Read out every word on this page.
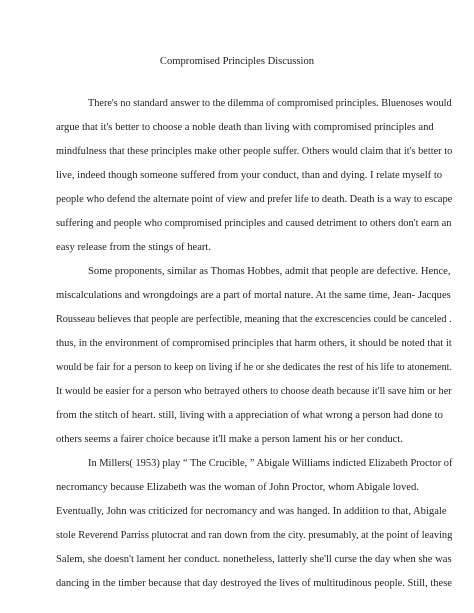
Compromised Principles Discussion
There's no standard answer to the dilemma of compromised principles. Bluenoses would
argue that it's better to choose a noble death than living with compromised principles and
mindfulness that these principles make other people suffer. Others would claim that it's better to
live, indeed though someone suffered from your conduct, than and dying. I relate myself to
people who defend the alternate point of view and prefer life to death. Death is a way to escape
suffering and people who compromised principles and caused detriment to others don't earn an
easy release from the stings of heart.
Some proponents, similar as Thomas Hobbes, admit that people are defective. Hence,
miscalculations and wrongdoings are a part of mortal nature. At the same time, Jean- Jacques
Rousseau believes that people are perfectible, meaning that the excrescencies could be canceled .
thus, in the environment of compromised principles that harm others, it should be noted that it
would be fair for a person to keep on living if he or she dedicates the rest of his life to atonement.
It would be easier for a person who betrayed others to choose death because it'll save him or her
from the stitch of heart. still, living with a appreciation of what wrong a person had done to
others seems a fairer choice because it'll make a person lament his or her conduct.
In Millers( 1953) play “ The Crucible, ” Abigale Williams indicted Elizabeth Proctor of
necromancy because Elizabeth was the woman of John Proctor, whom Abigale loved.
Eventually, John was criticized for necromancy and was hanged. In addition to that, Abigale
stole Reverend Parriss plutocrat and ran down from the city. presumably, at the point of leaving
Salem, she doesn't lament her conduct. nonetheless, latterly she'll curse the day when she was
dancing in the timber because that day destroyed the lives of multitudinous people. Still, these
